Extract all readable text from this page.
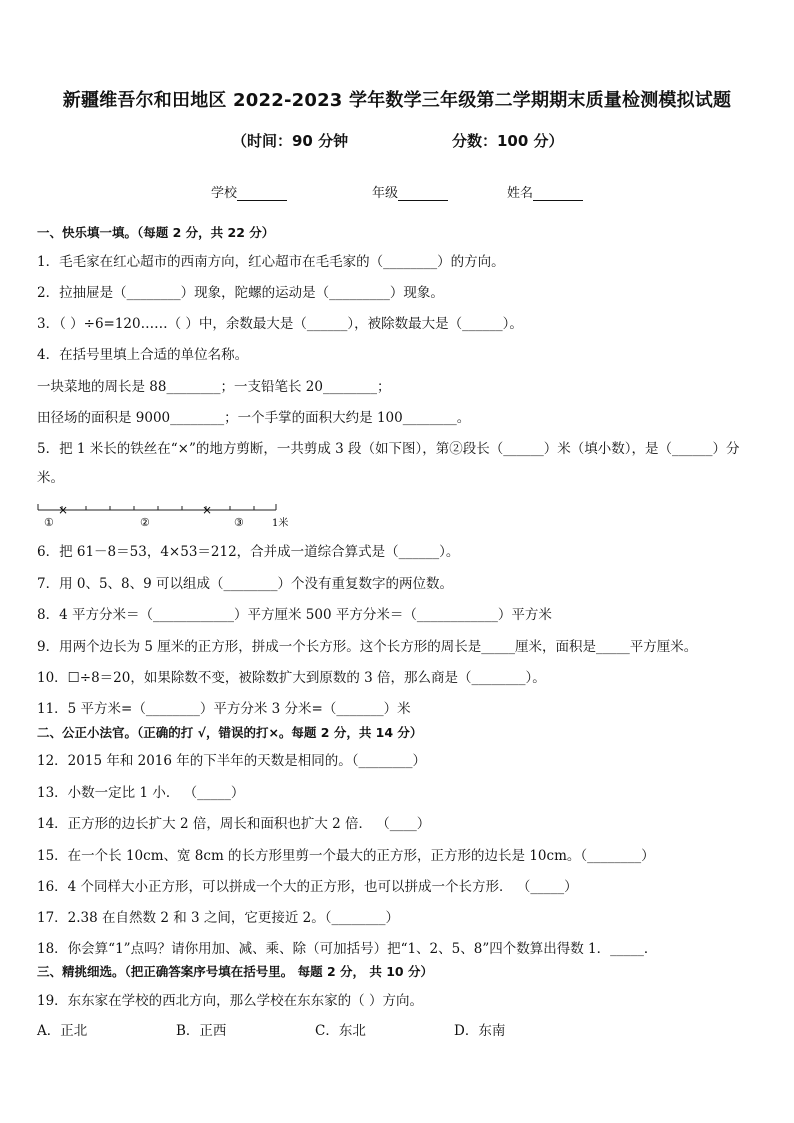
新疆维吾尔和田地区 2022-2023 学年数学三年级第二学期期末质量检测模拟试题
（时间：90 分钟	分数：100 分）
学校	年级	姓名
一、快乐填一填。（每题 2 分，共 22 分）
1．毛毛家在红心超市的西南方向，红心超市在毛毛家的（________）的方向。
2．拉抽屉是（________）现象，陀螺的运动是（_________）现象。
3．（ ）÷6=120……（ ）中，余数最大是（______），被除数最大是（______）。
4．在括号里填上合适的单位名称。
一块菜地的周长是 88________；一支铅笔长 20________；
田径场的面积是 9000________；一个手掌的面积大约是 100________。
5．把 1 米长的铁丝在“×”的地方剪断，一共剪成 3 段（如下图），第②段长（______）米（填小数），是（______）分
米。
×	×
①	②	③	1米
6．把 61－8＝53，4×53＝212，合并成一道综合算式是（______）。
7．用 0、5、8、9 可以组成（________）个没有重复数字的两位数。
8．4 平方分米＝（____________）平方厘米 500 平方分米＝（____________）平方米
9．用两个边长为 5 厘米的正方形，拼成一个长方形。这个长方形的周长是_____厘米，面积是_____平方厘米。
10．☐÷8＝20，如果除数不变，被除数扩大到原数的 3 倍，那么商是（________）。
11．5 平方米=（________）平方分米 3 分米=（_______）米
二、公正小法官。（正确的打 √，错误的打×。每题 2 分，共 14 分）
12．2015 年和 2016 年的下半年的天数是相同的。（________）
13．小数一定比 1 小． （_____）
14．正方形的边长扩大 2 倍，周长和面积也扩大 2 倍． （____）
15．在一个长 10cm、宽 8cm 的长方形里剪一个最大的正方形，正方形的边长是 10cm。（________）
16．4 个同样大小正方形，可以拼成一个大的正方形，也可以拼成一个长方形． （_____）
17．2.38 在自然数 2 和 3 之间，它更接近 2。（________）
18．你会算“1”点吗？请你用加、减、乘、除（可加括号）把“1、2、5、8”四个数算出得数 1．_____．
三、精挑细选。（把正确答案序号填在括号里。 每题 2 分， 共 10 分）
19．东东家在学校的西北方向，那么学校在东东家的（ ）方向。
A．正北	B．正西	C．东北	D．东南
